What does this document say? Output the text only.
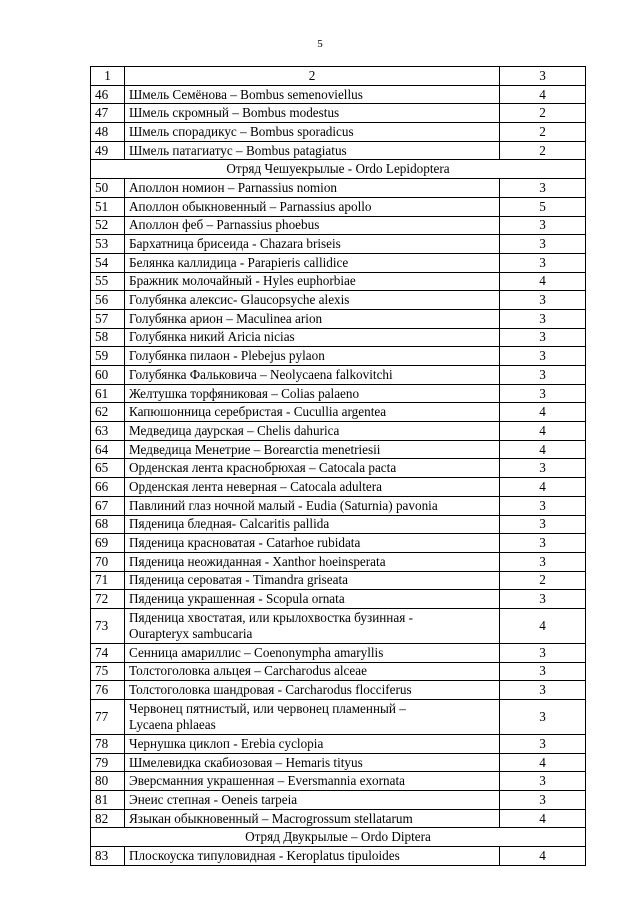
5
1	2	3
46	Шмель Семёнова – Bombus semenoviellus	4
47	Шмель скромный – Bombus modestus	2
48	Шмель спорадикус – Bombus sporadicus	2
49	Шмель патагиатус – Bombus patagiatus	2
Отряд Чешуекрылые - Ordo Lepidoptera		
50	Аполлон номион – Parnassius nomion	3
51	Аполлон обыкновенный – Parnassius apollo	5
52	Аполлон феб – Parnassius phoebus	3
53	Бархатница брисеида - Chazara briseis	3
54	Белянка каллидица - Parapieris callidice	3
55	Бражник молочайный - Hyles euphorbiae	4
56	Голубянка алексис- Glaucopsyche alexis	3
57	Голубянка арион – Maculinea arion	3
58	Голубянка никий Aricia nicias	3
59	Голубянка пилаон - Plebejus pylaon	3
60	Голубянка Фальковича – Neolycaena falkovitchi	3
61	Желтушка торфяниковая – Colias palaeno	3
62	Капюшонница серебристая - Cucullia argentea	4
63	Медведица даурская – Chelis dahurica	4
64	Медведица Менетрие – Borearctia menetriesii	4
65	Орденская лента краснобрюхая – Catocala pacta	3
66	Орденская лента неверная – Catocala adultera	4
67	Павлиний глаз ночной малый - Eudia (Saturnia) pavonia	3
68	Пяденица бледная- Calcaritis pallida	3
69	Пяденица красноватая - Catarhoe rubidata	3
70	Пяденица неожиданная - Xanthor hoeinsperata	3
71	Пяденица сероватая - Timandra griseata	2
72	Пяденица украшенная - Scopula ornata	3
73	Пяденица хвостатая, или крылохвостка бузинная -
Ourapteryx sambucaria	4
74	Сенница амариллис – Coenonympha amaryllis	3
75	Толстоголовка альцея – Carcharodus alceae	3
76	Толстоголовка шандровая - Carcharodus flocciferus	3
77	Червонец пятнистый, или червонец пламенный –
Lycaena phlaeas	3
78	Чернушка циклоп - Erebia cyclopia	3
79	Шмелевидка скабиозовая – Hemaris tityus	4
80	Эверсманния украшенная – Eversmannia exornata	3
81	Энеис степная - Oeneis tarpeia	3
82	Языкан обыкновенный – Macrogrossum stellatarum	4
Отряд Двукрылые – Ordo Diptera		
83	Плоскоуска типуловидная - Keroplatus tipuloides	4
